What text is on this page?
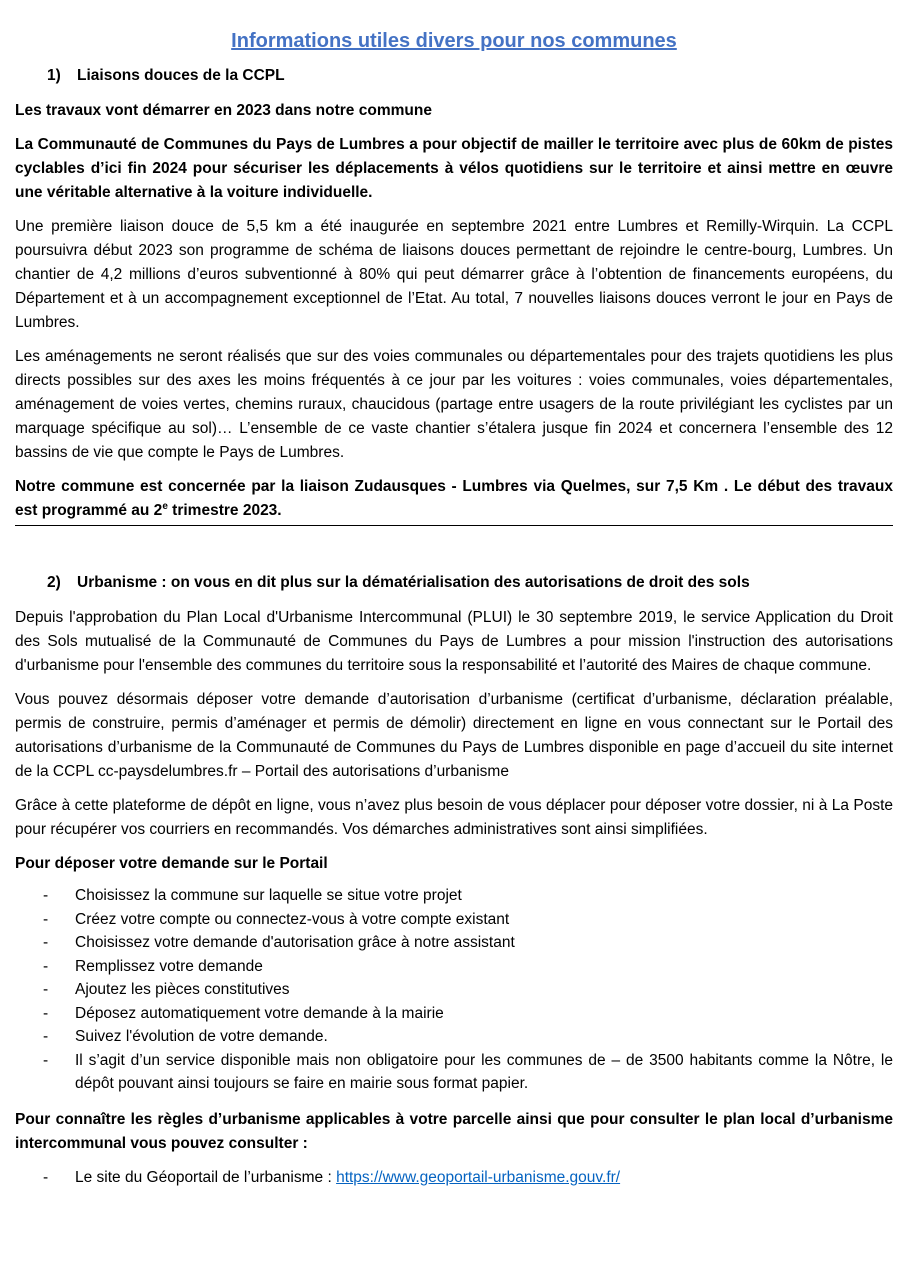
Informations utiles divers pour nos communes
1) Liaisons douces de la CCPL
Les travaux vont démarrer en 2023 dans notre commune
La Communauté de Communes du Pays de Lumbres a pour objectif de mailler le territoire avec plus de 60km de pistes cyclables d’ici fin 2024 pour sécuriser les déplacements à vélos quotidiens sur le territoire et ainsi mettre en œuvre une véritable alternative à la voiture individuelle.
Une première liaison douce de 5,5 km a été inaugurée en septembre 2021 entre Lumbres et Remilly-Wirquin. La CCPL poursuivra début 2023 son programme de schéma de liaisons douces permettant de rejoindre le centre-bourg, Lumbres. Un chantier de 4,2 millions d’euros subventionné à 80% qui peut démarrer grâce à l’obtention de financements européens, du Département et à un accompagnement exceptionnel de l’Etat. Au total, 7 nouvelles liaisons douces verront le jour en Pays de Lumbres.
Les aménagements ne seront réalisés que sur des voies communales ou départementales pour des trajets quotidiens les plus directs possibles sur des axes les moins fréquentés à ce jour par les voitures : voies communales, voies départementales, aménagement de voies vertes, chemins ruraux, chaucidous (partage entre usagers de la route privilégiant les cyclistes par un marquage spécifique au sol)… L’ensemble de ce vaste chantier s’étalera jusque fin 2024 et concernera l’ensemble des 12 bassins de vie que compte le Pays de Lumbres.
Notre commune est concernée par la liaison Zudausques - Lumbres via Quelmes, sur 7,5 Km . Le début des travaux est programmé au 2e trimestre 2023.
2) Urbanisme : on vous en dit plus sur la dématérialisation des autorisations de droit des sols
Depuis l'approbation du Plan Local d'Urbanisme Intercommunal (PLUI) le 30 septembre 2019, le service Application du Droit des Sols mutualisé de la Communauté de Communes du Pays de Lumbres a pour mission l'instruction des autorisations d'urbanisme pour l'ensemble des communes du territoire sous la responsabilité et l’autorité des Maires de chaque commune.
Vous pouvez désormais déposer votre demande d’autorisation d’urbanisme (certificat d’urbanisme, déclaration préalable, permis de construire, permis d’aménager et permis de démolir) directement en ligne en vous connectant sur le Portail des autorisations d’urbanisme de la Communauté de Communes du Pays de Lumbres disponible en page d’accueil du site internet de la CCPL cc-paysdelumbres.fr – Portail des autorisations d’urbanisme
Grâce à cette plateforme de dépôt en ligne, vous n’avez plus besoin de vous déplacer pour déposer votre dossier, ni à La Poste pour récupérer vos courriers en recommandés. Vos démarches administratives sont ainsi simplifiées.
Pour déposer votre demande sur le Portail
- Choisissez la commune sur laquelle se situe votre projet
- Créez votre compte ou connectez-vous à votre compte existant
- Choisissez votre demande d'autorisation grâce à notre assistant
- Remplissez votre demande
- Ajoutez les pièces constitutives
- Déposez automatiquement votre demande à la mairie
- Suivez l'évolution de votre demande.
- Il s’agit d’un service disponible mais non obligatoire pour les communes de – de 3500 habitants comme la Nôtre, le dépôt pouvant ainsi toujours se faire en mairie sous format papier.
Pour connaître les règles d’urbanisme applicables à votre parcelle ainsi que pour consulter le plan local d’urbanisme intercommunal vous pouvez consulter :
- Le site du Géoportail de l’urbanisme : https://www.geoportail-urbanisme.gouv.fr/
